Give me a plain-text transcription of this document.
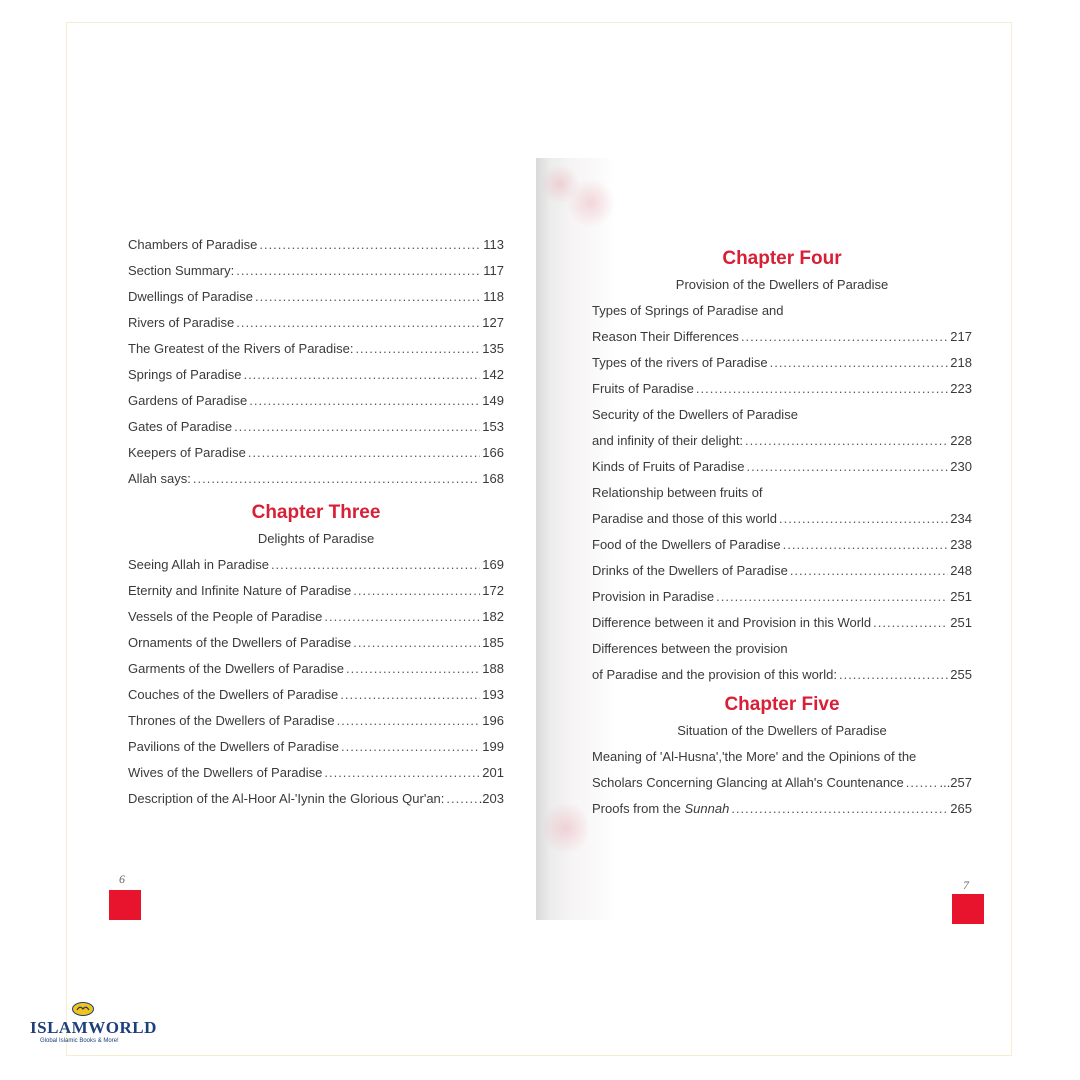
Chambers of Paradise .....	113
Section Summary: .....	117
Dwellings of Paradise .....	118
Rivers of Paradise .....	127
The Greatest of the Rivers of Paradise: .....	135
Springs of Paradise .....	142
Gardens of Paradise .....	149
Gates of Paradise .....	153
Keepers of Paradise .....	166
Allah says: .....	168
Chapter Three
Delights of Paradise
Seeing Allah in Paradise .....	169
Eternity and Infinite Nature of Paradise .....	172
Vessels of the People of Paradise .....	182
Ornaments of the Dwellers of Paradise .....	185
Garments of the Dwellers of Paradise .....	188
Couches of the Dwellers of Paradise .....	193
Thrones of the Dwellers of Paradise .....	196
Pavilions of the Dwellers of Paradise .....	199
Wives of the Dwellers of Paradise .....	201
Description of the Al-Hoor Al-'Iynin the Glorious Qur'an: .....	.203
6
Chapter Four
Provision of the Dwellers of Paradise
Types of Springs of Paradise and
Reason Their Differences .....	217
Types of the rivers of Paradise .....	218
Fruits of Paradise .....	223
Security of the Dwellers of Paradise
and infinity of their delight: .....	228
Kinds of Fruits of Paradise .....	230
Relationship between fruits of
Paradise and those of this world .....	234
Food of the Dwellers of Paradise .....	238
Drinks of the Dwellers of Paradise .....	248
Provision in Paradise .....	251
Difference between it and Provision in this World .....	251
Differences between the provision
of Paradise and the provision of this world: .....	255
Chapter Five
Situation of the Dwellers of Paradise
Meaning of 'Al-Husna','the More' and the Opinions of the
Scholars Concerning Glancing at Allah's Countenance .....	...257
Proofs from the Sunnah .....	265
7
ISLAMWORLD
Global Islamic Books & More!
